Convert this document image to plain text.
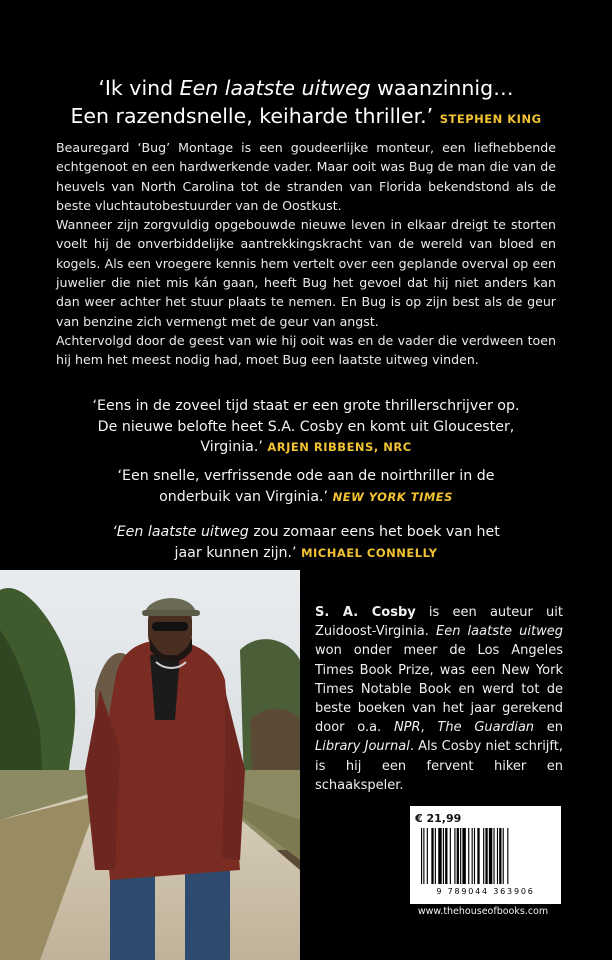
‘Ik vind Een laatste uitweg waanzinnig…
Een razendsnelle, keiharde thriller.’ STEPHEN KING

Beauregard ‘Bug’ Montage is een goudeerlijke monteur, een liefhebbende echtgenoot en een hardwerkende vader. Maar ooit was Bug de man die van de heuvels van North Carolina tot de stranden van Florida bekendstond als de beste vluchtautobestuurder van de Oostkust.

Wanneer zijn zorgvuldig opgebouwde nieuwe leven in elkaar dreigt te storten voelt hij de onverbiddelijke aantrekkingskracht van de wereld van bloed en kogels. Als een vroegere kennis hem vertelt over een geplande overval op een juwelier die niet mis kán gaan, heeft Bug het gevoel dat hij niet anders kan dan weer achter het stuur plaats te nemen. En Bug is op zijn best als de geur van benzine zich vermengt met de geur van angst.

Achtervolgd door de geest van wie hij ooit was en de vader die verdween toen hij hem het meest nodig had, moet Bug een laatste uitweg vinden.

‘Eens in de zoveel tijd staat er een grote thrillerschrijver op.
De nieuwe belofte heet S.A. Cosby en komt uit Gloucester,
Virginia.’ ARJEN RIBBENS, NRC
‘Een snelle, verfrissende ode aan de noirthriller in de
onderbuik van Virginia.’ NEW YORK TIMES
‘Een laatste uitweg zou zomaar eens het boek van het
jaar kunnen zijn.’ MICHAEL CONNELLY
S. A. Cosby is een auteur uit Zuidoost-Virginia. Een laatste uitweg won onder meer de Los Angeles Times Book Prize, was een New York Times Notable Book en werd tot de beste boeken van het jaar gerekend door o.a. NPR, The Guardian en Library Journal. Als Cosby niet schrijft, is hij een fervent hiker en schaakspeler.
€ 21,99
9 789044 363906
www.thehouseofbooks.com
